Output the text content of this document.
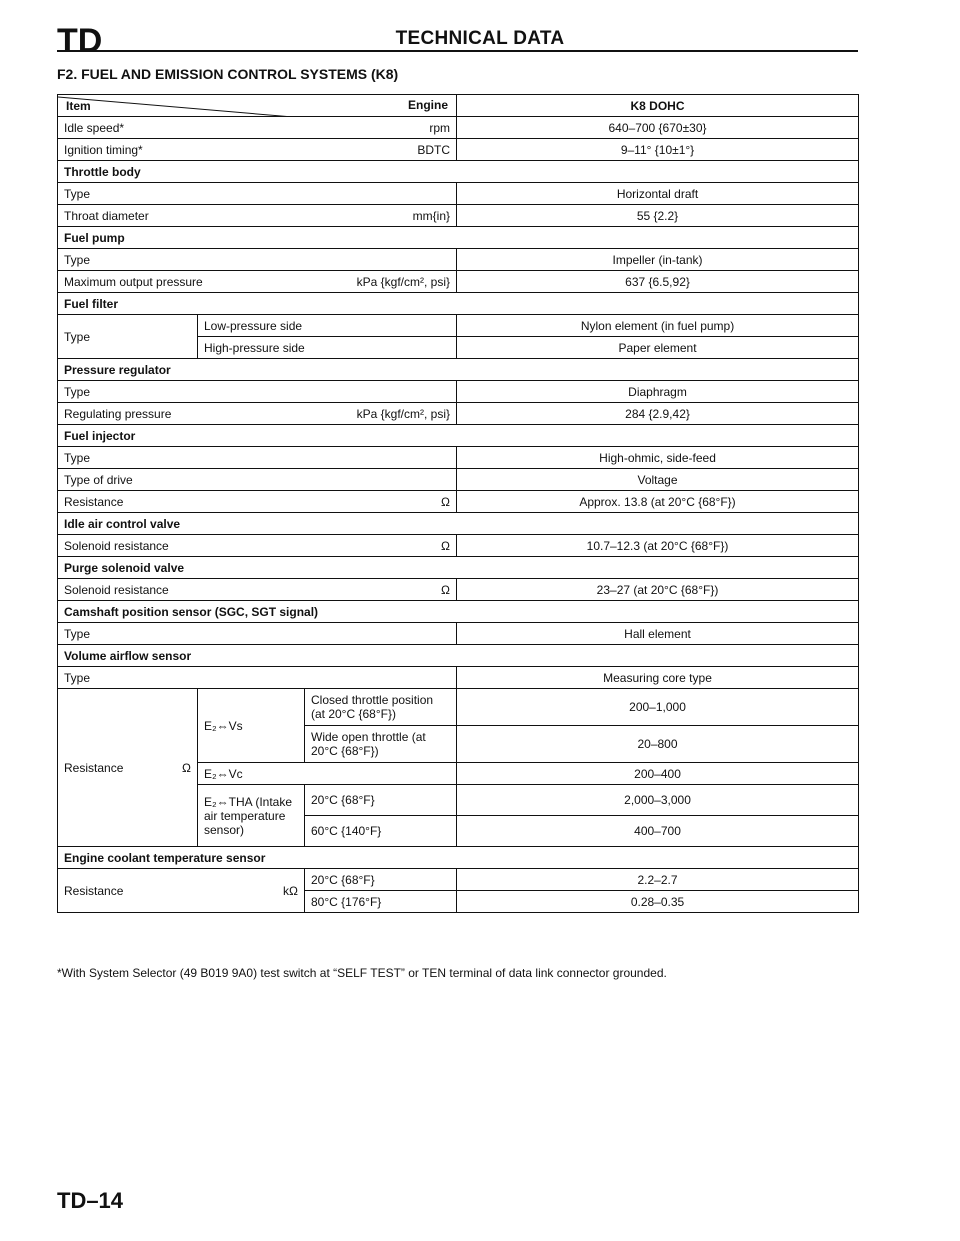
TD	TECHNICAL DATA
F2. FUEL AND EMISSION CONTROL SYSTEMS (K8)
Engine
Item			K8 DOHC

Idle speed* rpm			640–700 {670±30}

Ignition timing* BDTC			9–11° {10±1°}
Throttle body			
Type			Horizontal draft

Throat diameter mm{in}			55 {2.2}
Fuel pump			
Type			Impeller (in-tank)

Maximum output pressure kPa {kgf/cm², psi}			637 {6.5,92}
Fuel filter			
Type	Low-pressure side		Nylon element (in fuel pump)
	High-pressure side		Paper element
Pressure regulator			
Type			Diaphragm

Regulating pressure kPa {kgf/cm², psi}			284 {2.9,42}
Fuel injector			
Type			High-ohmic, side-feed
Type of drive			Voltage

Resistance Ω			Approx. 13.8 (at 20°C {68°F})
Idle air control valve			

Solenoid resistance Ω			10.7–12.3 (at 20°C {68°F})
Purge solenoid valve			

Solenoid resistance Ω			23–27 (at 20°C {68°F})
Camshaft position sensor (SGC, SGT signal)			
Type			Hall element
Volume airflow sensor			
Type			Measuring core type

Resistance Ω	E₂⇔Vs	Closed throttle position (at 20°C {68°F})	200–1,000
		Wide open throttle (at 20°C {68°F})	20–800
	E₂⇔Vc		200–400
	E₂⇔THA (Intake air temperature sensor)	20°C {68°F}	2,000–3,000
		60°C {140°F}	400–700
Engine coolant temperature sensor			

Resistance kΩ		20°C {68°F}	2.2–2.7
		80°C {176°F}	0.28–0.35
*With System Selector (49 B019 9A0) test switch at “SELF TEST” or TEN terminal of data link connector grounded.
TD–14
